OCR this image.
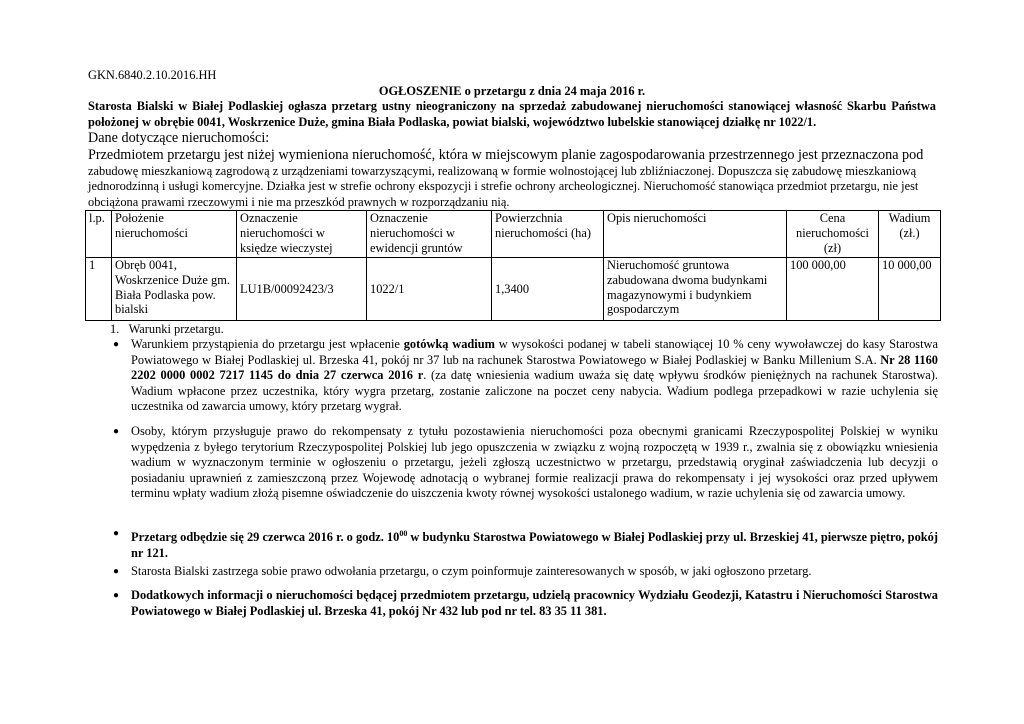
GKN.6840.2.10.2016.HH
OGŁOSZENIE o przetargu z dnia 24 maja 2016 r.
Starosta Bialski w Białej Podlaskiej ogłasza przetarg ustny nieograniczony na sprzedaż zabudowanej nieruchomości stanowiącej własność Skarbu Państwa położonej w obrębie 0041, Woskrzenice Duże, gmina Biała Podlaska, powiat bialski, województwo lubelskie stanowiącej działkę nr 1022/1.
Dane dotyczące nieruchomości:
Przedmiotem przetargu jest niżej wymieniona nieruchomość, która w miejscowym planie zagospodarowania przestrzennego jest przeznaczona pod zabudowę mieszkaniową zagrodową z urządzeniami towarzyszącymi, realizowaną w formie wolnostojącej lub zbliźniaczonej. Dopuszcza się zabudowę mieszkaniową jednorodzinną i usługi komercyjne. Działka jest w strefie ochrony ekspozycji i strefie ochrony archeologicznej. Nieruchomość stanowiąca przedmiot przetargu, nie jest obciążona prawami rzeczowymi i nie ma przeszkód prawnych w rozporządzaniu nią.
l.p.	Położenie nieruchomości	Oznaczenie nieruchomości w księdze wieczystej	Oznaczenie nieruchomości w ewidencji gruntów	Powierzchnia nieruchomości (ha)	Opis nieruchomości	Cena nieruchomości (zł)	Wadium (zł.)
1	Obręb 0041, Woskrzenice Duże gm. Biała Podlaska pow. bialski	LU1B/00092423/3	1022/1	1,3400	Nieruchomość gruntowa zabudowana dwoma budynkami magazynowymi i budynkiem gospodarczym	100 000,00	10 000,00
1. Warunki przetargu.
● Warunkiem przystąpienia do przetargu jest wpłacenie gotówką wadium w wysokości podanej w tabeli stanowiącej 10 % ceny wywoławczej do kasy Starostwa Powiatowego w Białej Podlaskiej ul. Brzeska 41, pokój nr 37 lub na rachunek Starostwa Powiatowego w Białej Podlaskiej w Banku Millenium S.A. Nr 28 1160 2202 0000 0002 7217 1145 do dnia 27 czerwca 2016 r. (za datę wniesienia wadium uważa się datę wpływu środków pieniężnych na rachunek Starostwa). Wadium wpłacone przez uczestnika, który wygra przetarg, zostanie zaliczone na poczet ceny nabycia. Wadium podlega przepadkowi w razie uchylenia się uczestnika od zawarcia umowy, który przetarg wygrał.
● Osoby, którym przysługuje prawo do rekompensaty z tytułu pozostawienia nieruchomości poza obecnymi granicami Rzeczypospolitej Polskiej w wyniku wypędzenia z byłego terytorium Rzeczypospolitej Polskiej lub jego opuszczenia w związku z wojną rozpoczętą w 1939 r., zwalnia się z obowiązku wniesienia wadium w wyznaczonym terminie w ogłoszeniu o przetargu, jeżeli zgłoszą uczestnictwo w przetargu, przedstawią oryginał zaświadczenia lub decyzji o posiadaniu uprawnień z zamieszczoną przez Wojewodę adnotacją o wybranej formie realizacji prawa do rekompensaty i jej wysokości oraz przed upływem terminu wpłaty wadium złożą pisemne oświadczenie do uiszczenia kwoty równej wysokości ustalonego wadium, w razie uchylenia się od zawarcia umowy.
● Przetarg odbędzie się 29 czerwca 2016 r. o godz. $10^{00}$ w budynku Starostwa Powiatowego w Białej Podlaskiej przy ul. Brzeskiej 41, pierwsze piętro, pokój nr 121.
● Starosta Bialski zastrzega sobie prawo odwołania przetargu, o czym poinformuje zainteresowanych w sposób, w jaki ogłoszono przetarg.
● Dodatkowych informacji o nieruchomości będącej przedmiotem przetargu, udzielą pracownicy Wydziału Geodezji, Katastru i Nieruchomości Starostwa Powiatowego w Białej Podlaskiej ul. Brzeska 41, pokój Nr 432 lub pod nr tel. 83 35 11 381.
